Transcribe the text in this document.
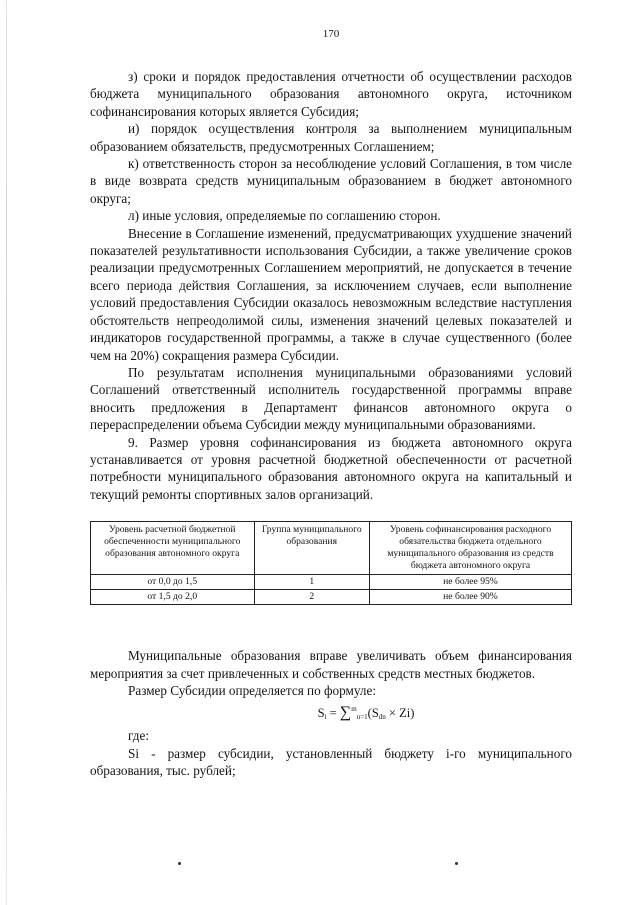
170

з) сроки и порядок предоставления отчетности об осуществлении расходов бюджета муниципального образования автономного округа, источником софинансирования которых является Субсидия;

и) порядок осуществления контроля за выполнением муниципальным образованием обязательств, предусмотренных Соглашением;

к) ответственность сторон за несоблюдение условий Соглашения, в том числе в виде возврата средств муниципальным образованием в бюджет автономного округа;

л) иные условия, определяемые по соглашению сторон.

Внесение в Соглашение изменений, предусматривающих ухудшение значений показателей результативности использования Субсидии, а также увеличение сроков реализации предусмотренных Соглашением мероприятий, не допускается в течение всего периода действия Соглашения, за исключением случаев, если выполнение условий предоставления Субсидии оказалось невозможным вследствие наступления обстоятельств непреодолимой силы, изменения значений целевых показателей и индикаторов государственной программы, а также в случае существенного (более чем на 20%) сокращения размера Субсидии.

По результатам исполнения муниципальными образованиями условий Соглашений ответственный исполнитель государственной программы вправе вносить предложения в Департамент финансов автономного округа о перераспределении объема Субсидии между муниципальными образованиями.

9. Размер уровня софинансирования из бюджета автономного округа устанавливается от уровня расчетной бюджетной обеспеченности от расчетной потребности муниципального образования автономного округа на капитальный и текущий ремонты спортивных залов организаций.

Уровень расчетной бюджетной обеспеченности муниципального образования автономного округа	Группа муниципального образования	Уровень софинансирования расходного обязательства бюджета отдельного муниципального образования из средств бюджета автономного округа
от 0,0 до 1,5	1	не более 95%
от 1,5 до 2,0	2	не более 90%

Муниципальные образования вправе увеличивать объем финансирования мероприятия за счет привлеченных и собственных средств местных бюджетов.

Размер Субсидии определяется по формуле:

$S_i = \sum^m_{n=1}(S_{dn} \times Zi)$

где:

Si - размер субсидии, установленный бюджету i-го муниципального образования, тыс. рублей;
